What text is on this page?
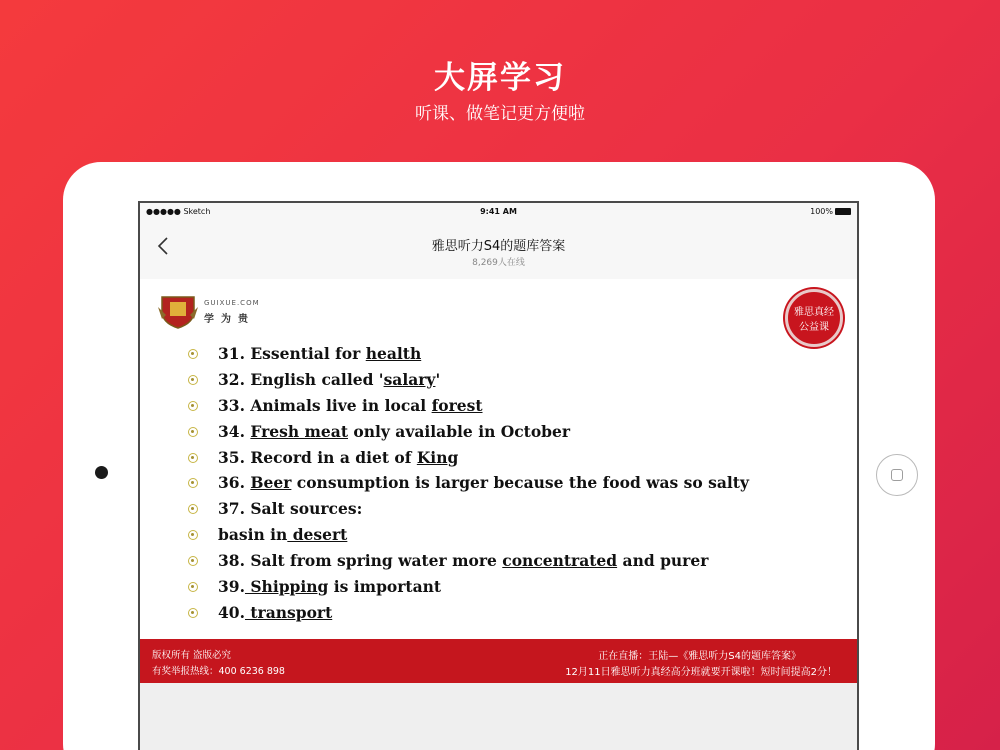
大屏学习
听课、做笔记更方便啦
●●●●● Sketch	9:41 AM	100%
雅思听力S4的题库答案
8,269人在线
GUIXUE.COM
学为贵
雅思真经
公益课
31. Essential for health
32. English called 'salary'
33. Animals live in local forest
34. Fresh meat only available in October
35. Record in a diet of King
36. Beer consumption is larger because the food was so salty
37. Salt sources:
basin in desert
38. Salt from spring water more concentrated and purer
39. Shipping is important
40. transport
版权所有 盗版必究
有奖举报热线：400 6236 898
正在直播：王陆—《雅思听力S4的题库答案》
12月11日雅思听力真经高分班就要开课啦！短时间提高2分！
